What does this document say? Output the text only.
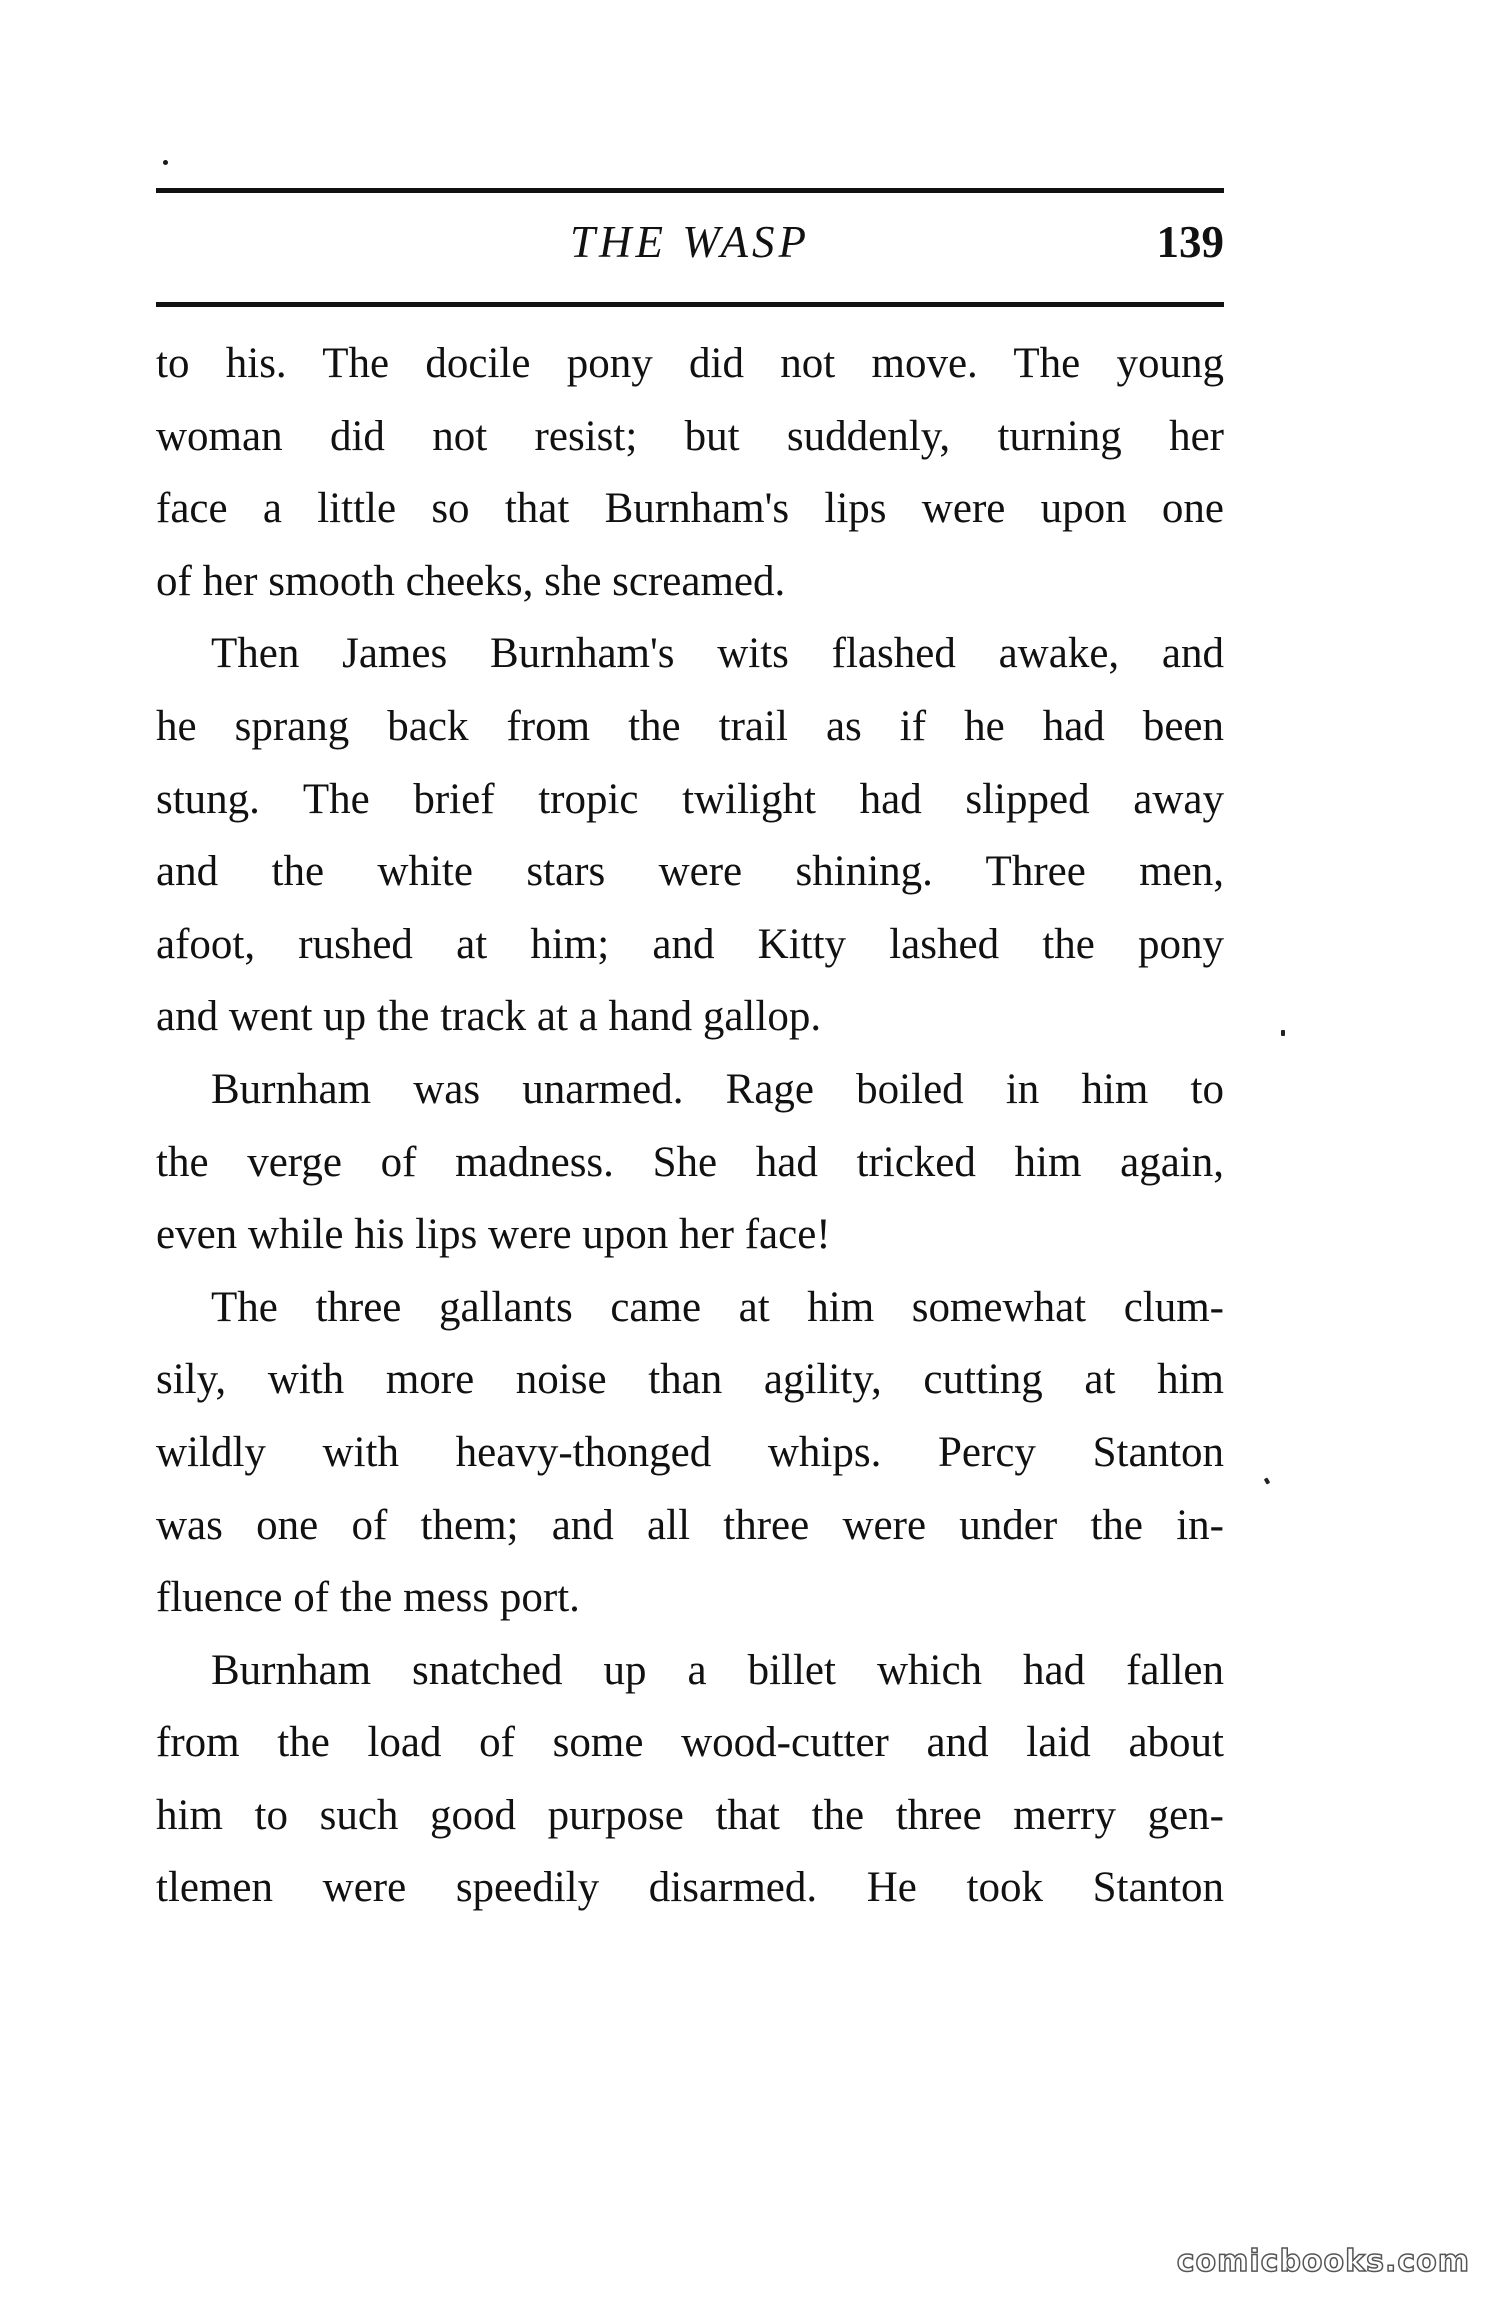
THE WASP	139
to his. The docile pony did not move. The young
woman did not resist; but suddenly, turning her
face a little so that Burnham's lips were upon one
of her smooth cheeks, she screamed.
Then James Burnham's wits flashed awake, and
he sprang back from the trail as if he had been
stung. The brief tropic twilight had slipped away
and the white stars were shining. Three men,
afoot, rushed at him; and Kitty lashed the pony
and went up the track at a hand gallop.
Burnham was unarmed. Rage boiled in him to
the verge of madness. She had tricked him again,
even while his lips were upon her face!
The three gallants came at him somewhat clum-
sily, with more noise than agility, cutting at him
wildly with heavy-thonged whips. Percy Stanton
was one of them; and all three were under the in-
fluence of the mess port.
Burnham snatched up a billet which had fallen
from the load of some wood-cutter and laid about
him to such good purpose that the three merry gen-
tlemen were speedily disarmed. He took Stanton
comicbooks.com
